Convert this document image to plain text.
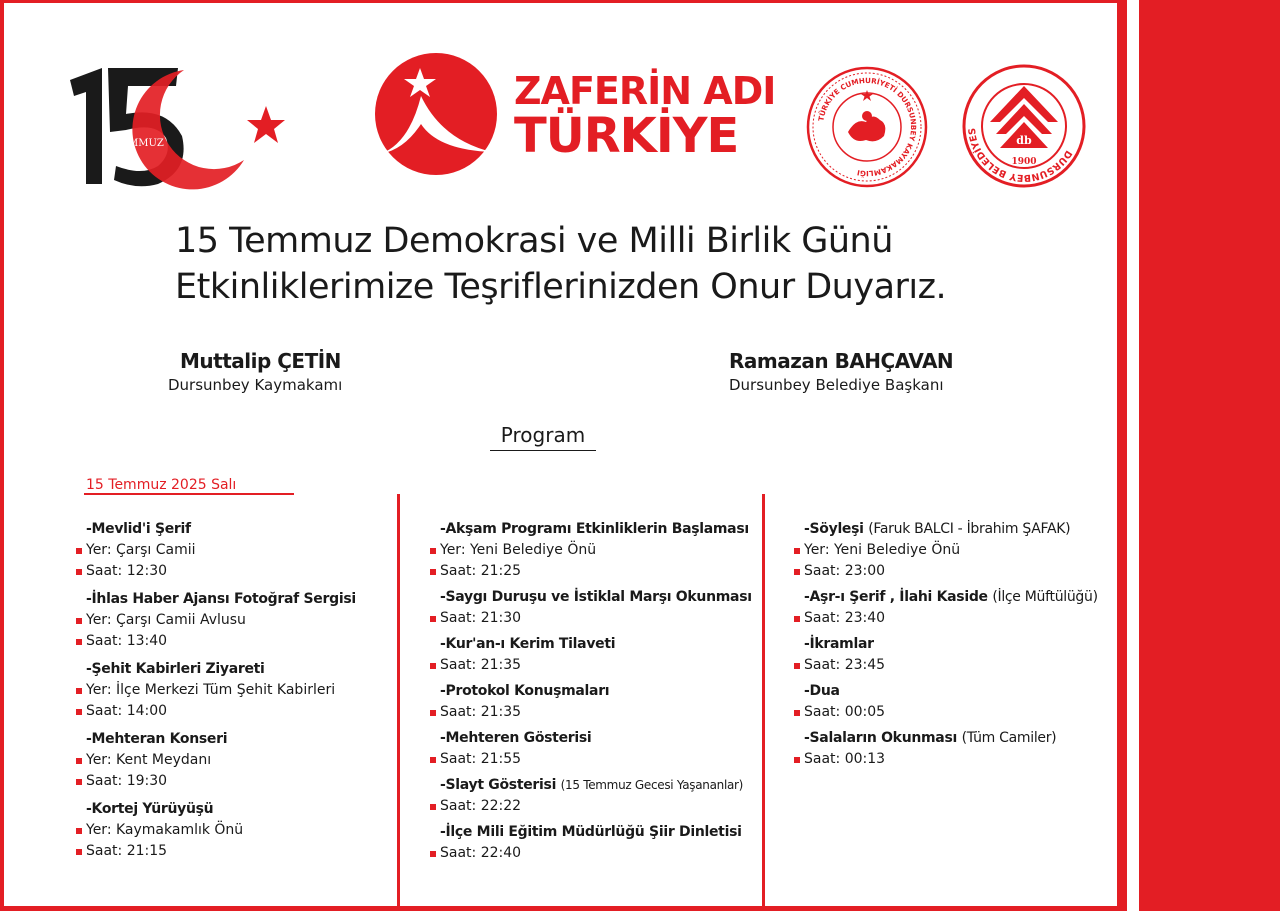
TEMMUZ
ZAFERİN ADI
TÜRKİYE	TÜRKİYE CUMHURİYETİ DURSUNBEY KAYMAKAMLIĞI
DURSUNBEY BELEDİYES
db
1900
15 Temmuz Demokrasi ve Milli Birlik Günü
Etkinliklerimize Teşriflerinizden Onur Duyarız.
Muttalip ÇETİN
Dursunbey Kaymakamı
Ramazan BAHÇAVAN
Dursunbey Belediye Başkanı
Program
15 Temmuz 2025 Salı
-Mevlid'i Şerif
Yer: Çarşı Camii
Saat: 12:30
-İhlas Haber Ajansı Fotoğraf Sergisi
Yer: Çarşı Camii Avlusu
Saat: 13:40
-Şehit Kabirleri Ziyareti
Yer: İlçe Merkezi Tüm Şehit Kabirleri
Saat: 14:00
-Mehteran Konseri
Yer: Kent Meydanı
Saat: 19:30
-Kortej Yürüyüşü
Yer: Kaymakamlık Önü
Saat: 21:15
-Akşam Programı Etkinliklerin Başlaması
Yer: Yeni Belediye Önü
Saat: 21:25
-Saygı Duruşu ve İstiklal Marşı Okunması
Saat: 21:30
-Kur'an-ı Kerim Tilaveti
Saat: 21:35
-Protokol Konuşmaları
Saat: 21:35
-Mehteren Gösterisi
Saat: 21:55
-Slayt Gösterisi (15 Temmuz Gecesi Yaşananlar)
Saat: 22:22
-İlçe Mili Eğitim Müdürlüğü Şiir Dinletisi
Saat: 22:40
-Söyleşi (Faruk BALCI - İbrahim ŞAFAK)
Yer: Yeni Belediye Önü
Saat: 23:00
-Aşr-ı Şerif , İlahi Kaside (İlçe Müftülüğü)
Saat: 23:40
-İkramlar
Saat: 23:45
-Dua
Saat: 00:05
-Salaların Okunması (Tüm Camiler)
Saat: 00:13
